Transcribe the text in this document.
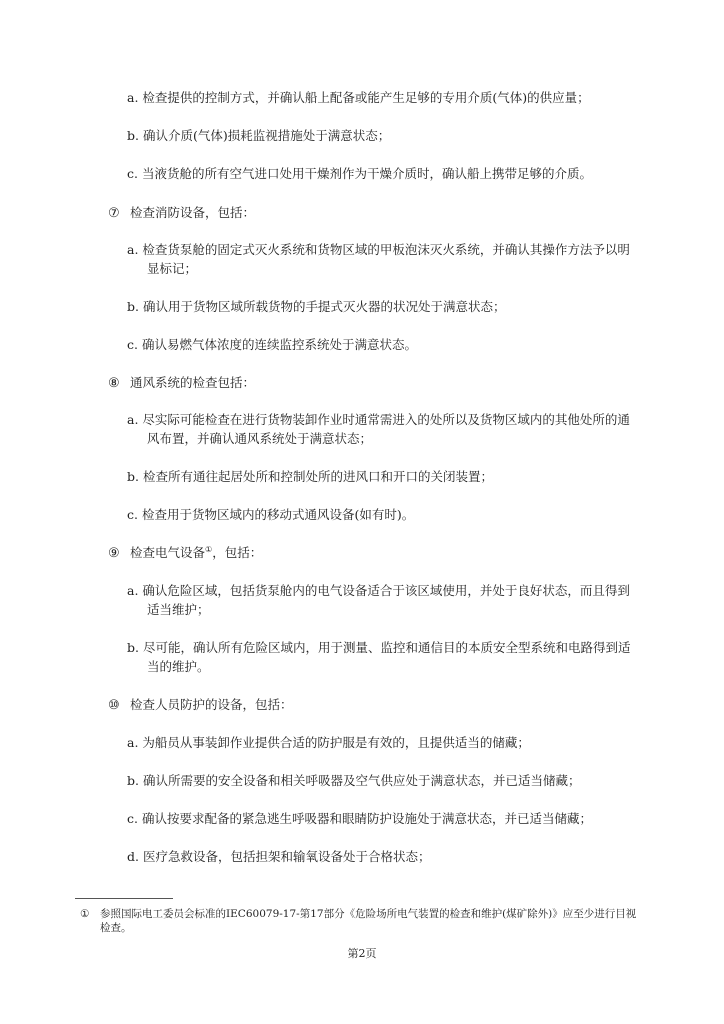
a. 检查提供的控制方式，并确认船上配备或能产生足够的专用介质(气体)的供应量；
b. 确认介质(气体)损耗监视措施处于满意状态；
c. 当液货舱的所有空气进口处用干燥剂作为干燥介质时，确认船上携带足够的介质。
⑦ 检查消防设备，包括：
a. 检查货泵舱的固定式灭火系统和货物区域的甲板泡沫灭火系统，并确认其操作方法予以明
显标记；
b. 确认用于货物区域所载货物的手提式灭火器的状况处于满意状态；
c. 确认易燃气体浓度的连续监控系统处于满意状态。
⑧ 通风系统的检查包括：
a. 尽实际可能检查在进行货物装卸作业时通常需进入的处所以及货物区域内的其他处所的通
风布置，并确认通风系统处于满意状态；
b. 检查所有通往起居处所和控制处所的进风口和开口的关闭装置；
c. 检查用于货物区域内的移动式通风设备(如有时)。
⑨ 检查电气设备①，包括：
a. 确认危险区域，包括货泵舱内的电气设备适合于该区域使用，并处于良好状态，而且得到
适当维护；
b. 尽可能，确认所有危险区域内，用于测量、监控和通信目的本质安全型系统和电路得到适
当的维护。
⑩ 检查人员防护的设备，包括：
a. 为船员从事装卸作业提供合适的防护服是有效的，且提供适当的储藏；
b. 确认所需要的安全设备和相关呼吸器及空气供应处于满意状态，并已适当储藏；
c. 确认按要求配备的紧急逃生呼吸器和眼睛防护设施处于满意状态，并已适当储藏；
d. 医疗急救设备，包括担架和输氧设备处于合格状态；
① 参照国际电工委员会标准的IEC60079-17-第17部分《危险场所电气装置的检查和维护(煤矿除外)》应至少进行目视
检查。
第2页
